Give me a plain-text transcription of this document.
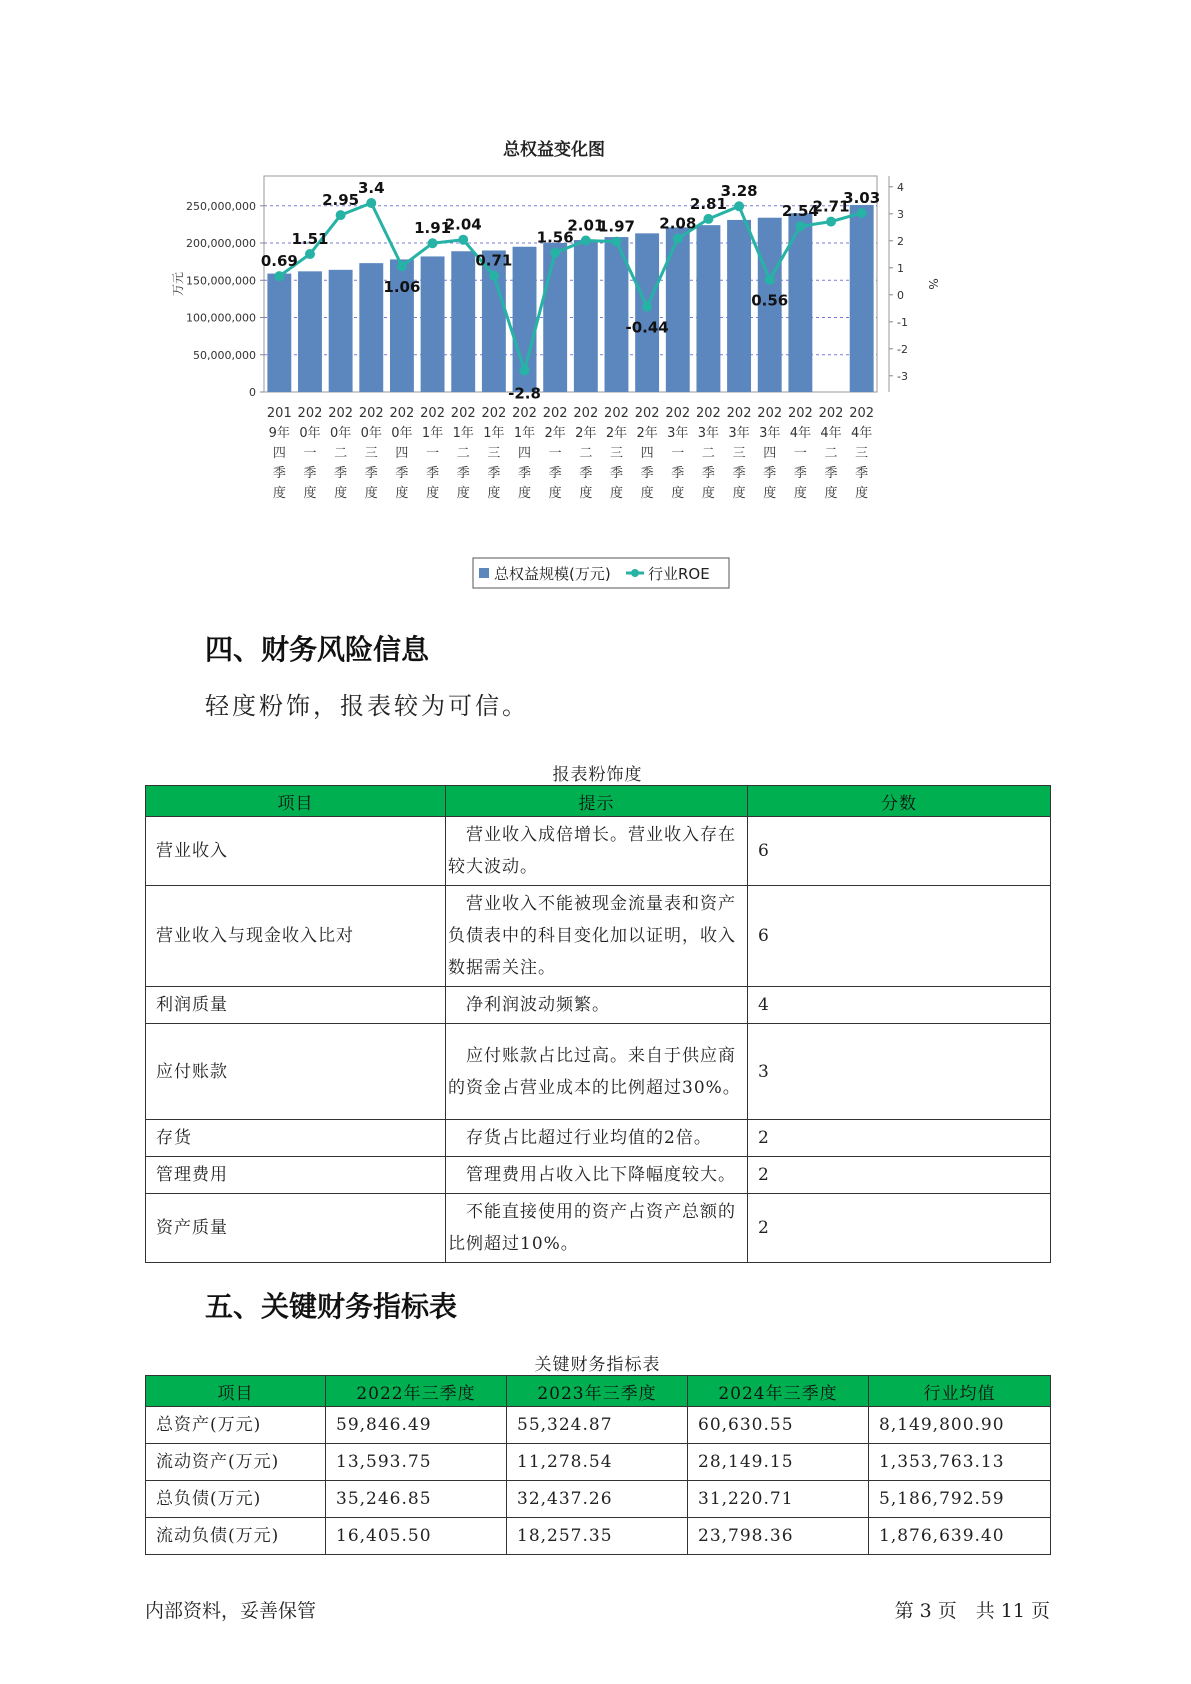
总权益变化图
250,000,000
200,000,000
150,000,000
100,000,000
50,000,000
0
万元
4
3
2
1
0
-1
-2
-3
%
201
9年
四
季
度
202
0年
一
季
度
202
0年
二
季
度
202
0年
三
季
度
202
0年
四
季
度
202
1年
一
季
度
202
1年
二
季
度
202
1年
三
季
度
202
1年
四
季
度
202
2年
一
季
度
202
2年
二
季
度
202
2年
三
季
度
202
2年
四
季
度
202
3年
一
季
度
202
3年
二
季
度
202
3年
三
季
度
202
3年
四
季
度
202
4年
一
季
度
202
4年
二
季
度
202
4年
三
季
度
0.69
1.51
2.95
3.4
1.06
1.91
2.04
0.71
-2.8
1.56
2.01
1.97
-0.44
2.08
2.81
3.28
0.56
2.54
2.71
3.03
总权益规模(万元) 行业ROE
四、财务风险信息

轻度粉饰，报表较为可信。

报表粉饰度
项目	提示	分数
营业收入	　营业收入成倍增长。营业收入存在较大波动。	6
营业收入与现金收入比对	　营业收入不能被现金流量表和资产负债表中的科目变化加以证明，收入数据需关注。	6
利润质量	　净利润波动频繁。	4
应付账款	　应付账款占比过高。来自于供应商的资金占营业成本的比例超过30%。	3
存货	　存货占比超过行业均值的2倍。	2
管理费用	　管理费用占收入比下降幅度较大。	2
资产质量	　不能直接使用的资产占资产总额的比例超过10%。	2
五、关键财务指标表
关键财务指标表
项目	2022年三季度	2023年三季度	2024年三季度	行业均值
总资产(万元)	59,846.49	55,324.87	60,630.55	8,149,800.90
流动资产(万元)	13,593.75	11,278.54	28,149.15	1,353,763.13
总负债(万元)	35,246.85	32,437.26	31,220.71	5,186,792.59
流动负债(万元)	16,405.50	18,257.35	23,798.36	1,876,639.40
内部资料，妥善保管	第 3 页　共 11 页
